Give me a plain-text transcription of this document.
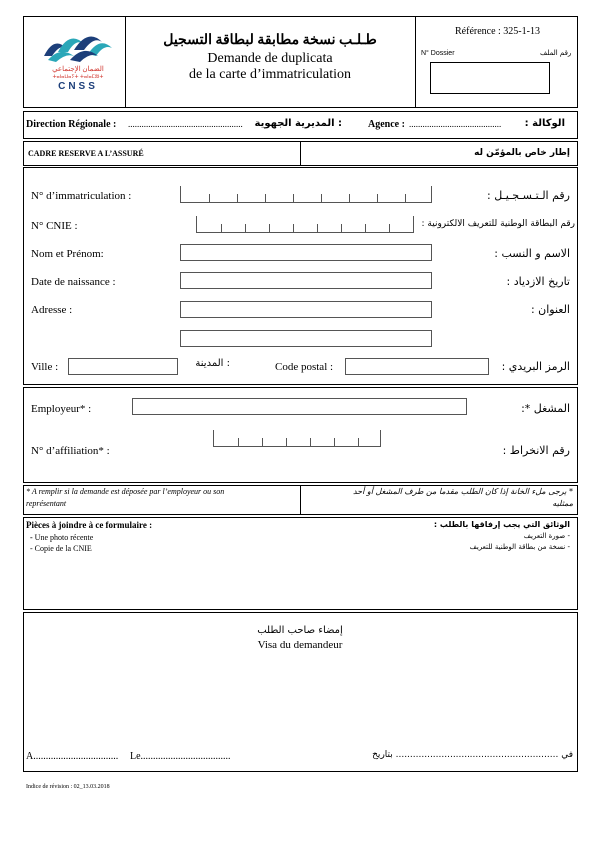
الضمان الإجتماعي
ⵜⴰⵏⴰⵡⴰⵢⵜ ⵜⴰⵏⴰⵎⵓⵏⵜ
CNSS
طـلـب نسخة مطابقة لبطاقة التسجيل
Demande de duplicata
de la carte d’immatriculation
Référence : 325-1-13
N° Dossier	رقم الملف
Direction Régionale : ................................................... : المديرية الجهوية	Agence : .........................................	الوكالة :
CADRE RESERVE A L’ASSURÉ	إطار خاص بالمؤمّن له
N° d’immatriculation :	رقم الـتـسـجـيـل :
N° CNIE :	رقم البطاقة الوطنية للتعريف الالكترونية :
Nom et Prénom:	الاسم و النسب :
Date de naissance :	تاريخ الازدياد :
Adresse :	العنوان :
Ville :	: المدينة	Code postal :	الرمز البريدي :
Employeur* :	المشغل *:
N° d’affiliation* :	رقم الانخراط :
* A remplir si la demande est déposée par l’employeur ou son
représentant
* يرجى ملء الخانة إذا كان الطلب مقدما من طرف المشغل أو أحد
ممثليه
Pièces à joindre à ce formulaire :
- Une photo récente
- Copie de la CNIE
الوثائق التي يجب إرفاقها بالطلب :
- صورة التعريف
- نسخة من بطاقة الوطنية للتعريف
إمضاء صاحب الطلب
Visa du demandeur
A.................................. Le....................................	.......................... بتاريخ في ...............................
Indice de révision : 02_13.03.2018
